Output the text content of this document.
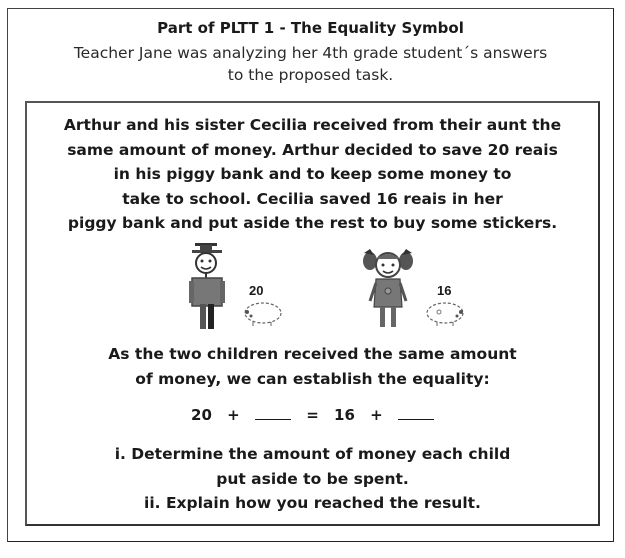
Part of PLTT 1 - The Equality Symbol
Teacher Jane was analyzing her 4th grade student´s answers
to the proposed task.
Arthur and his sister Cecilia received from their aunt the
same amount of money. Arthur decided to save 20 reais
in his piggy bank and to keep some money to
take to school. Cecilia saved 16 reais in her
piggy bank and put aside the rest to buy some stickers.
20	16
As the two children received the same amount
of money, we can establish the equality:
20 +	= 16 +
i. Determine the amount of money each child
put aside to be spent.
ii. Explain how you reached the result.
